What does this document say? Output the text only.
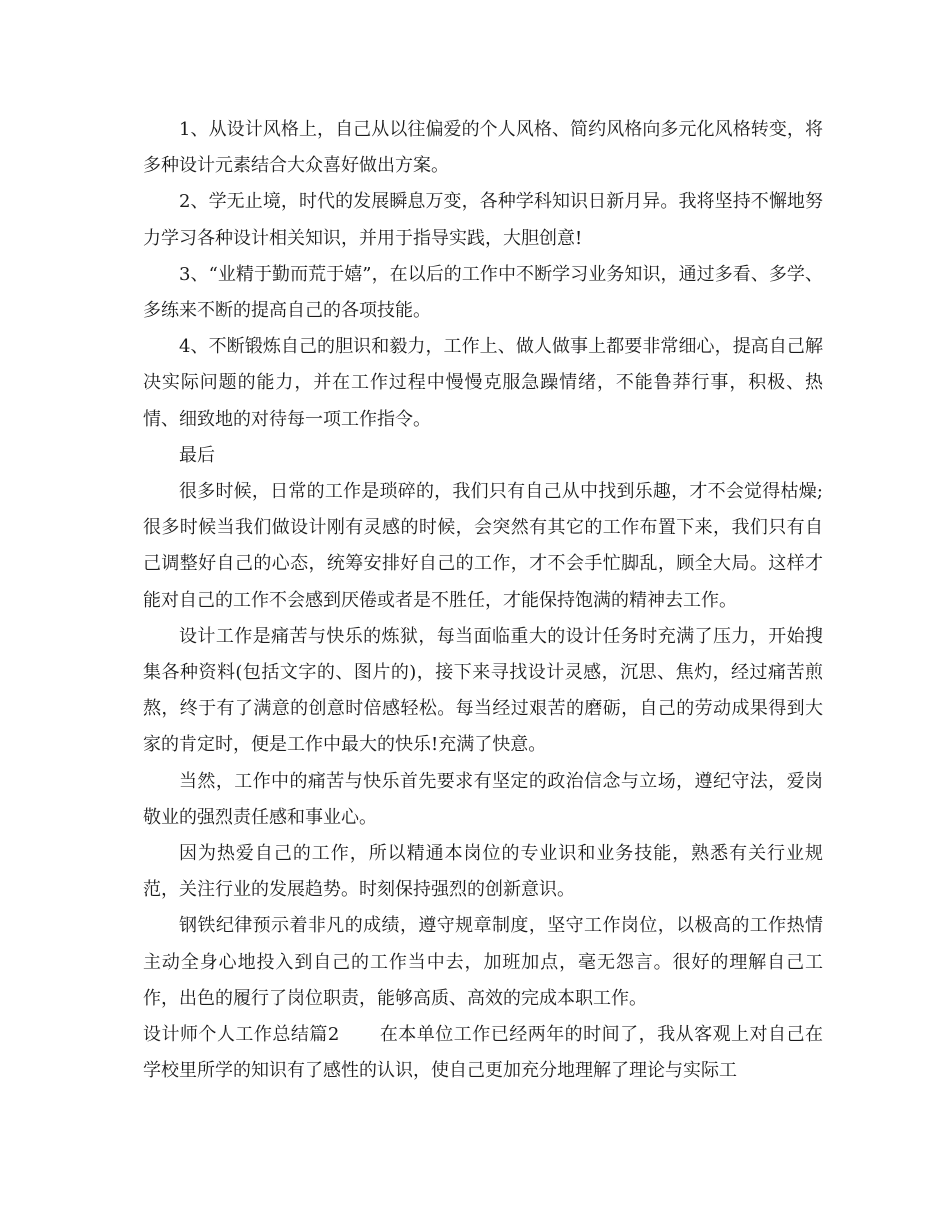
1、从设计风格上，自己从以往偏爱的个人风格、简约风格向多元化风格转变，将多种设计元素结合大众喜好做出方案。

2、学无止境，时代的发展瞬息万变，各种学科知识日新月异。我将坚持不懈地努力学习各种设计相关知识，并用于指导实践，大胆创意!

3、“业精于勤而荒于嬉”，在以后的工作中不断学习业务知识，通过多看、多学、多练来不断的提高自己的各项技能。

4、不断锻炼自己的胆识和毅力，工作上、做人做事上都要非常细心，提高自己解决实际问题的能力，并在工作过程中慢慢克服急躁情绪，不能鲁莽行事，积极、热情、细致地的对待每一项工作指令。

最后

很多时候，日常的工作是琐碎的，我们只有自己从中找到乐趣，才不会觉得枯燥;很多时候当我们做设计刚有灵感的时候，会突然有其它的工作布置下来，我们只有自己调整好自己的心态，统筹安排好自己的工作，才不会手忙脚乱，顾全大局。这样才能对自己的工作不会感到厌倦或者是不胜任，才能保持饱满的精神去工作。

设计工作是痛苦与快乐的炼狱，每当面临重大的设计任务时充满了压力，开始搜集各种资料(包括文字的、图片的)，接下来寻找设计灵感，沉思、焦灼，经过痛苦煎熬，终于有了满意的创意时倍感轻松。每当经过艰苦的磨砺，自己的劳动成果得到大家的肯定时，便是工作中最大的快乐!充满了快意。

当然，工作中的痛苦与快乐首先要求有坚定的政治信念与立场，遵纪守法，爱岗敬业的强烈责任感和事业心。

因为热爱自己的工作，所以精通本岗位的专业识和业务技能，熟悉有关行业规范，关注行业的发展趋势。时刻保持强烈的创新意识。

钢铁纪律预示着非凡的成绩，遵守规章制度，坚守工作岗位，以极高的工作热情主动全身心地投入到自己的工作当中去，加班加点，毫无怨言。很好的理解自己工作，出色的履行了岗位职责，能够高质、高效的完成本职工作。

设计师个人工作总结篇2 在本单位工作已经两年的时间了，我从客观上对自己在学校里所学的知识有了感性的认识，使自己更加充分地理解了理论与实际工
